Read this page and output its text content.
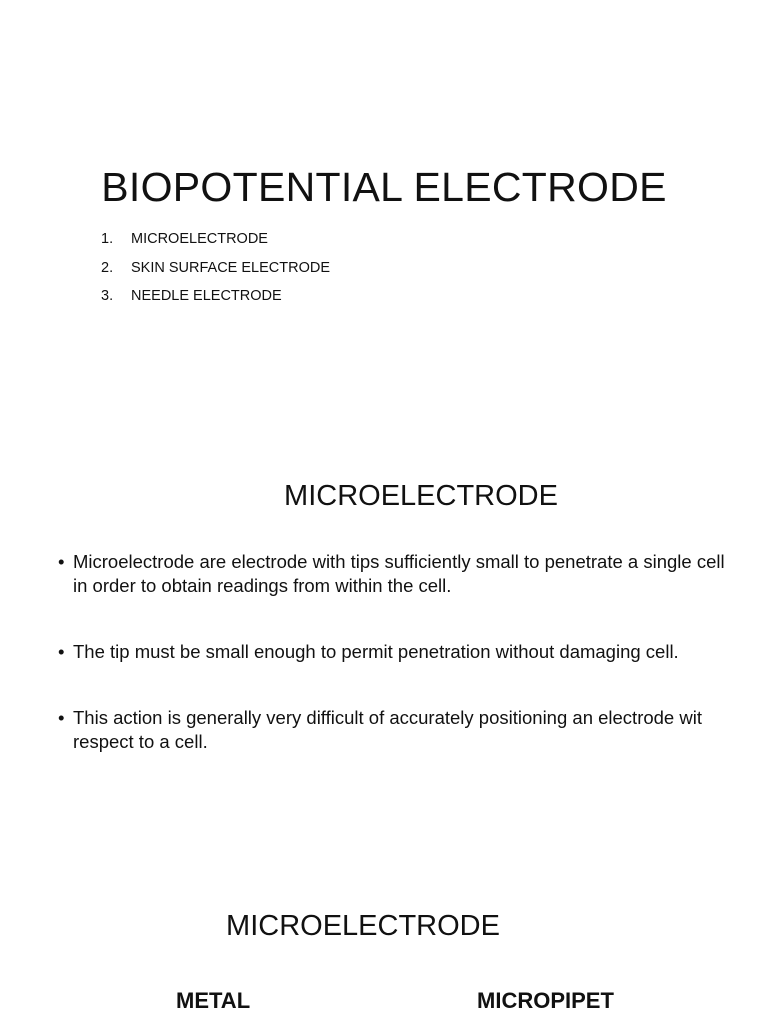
BIOPOTENTIAL ELECTRODE
1. MICROELECTRODE
2. SKIN SURFACE ELECTRODE
3. NEEDLE ELECTRODE
MICROELECTRODE
• Microelectrode are electrode with tips sufficiently small to penetrate a single cell in order to obtain readings from within the cell.
• The tip must be small enough to permit penetration without damaging cell.
• This action is generally very difficult of accurately positioning an electrode wit respect to a cell.
MICROELECTRODE
METAL	MICROPIPET
